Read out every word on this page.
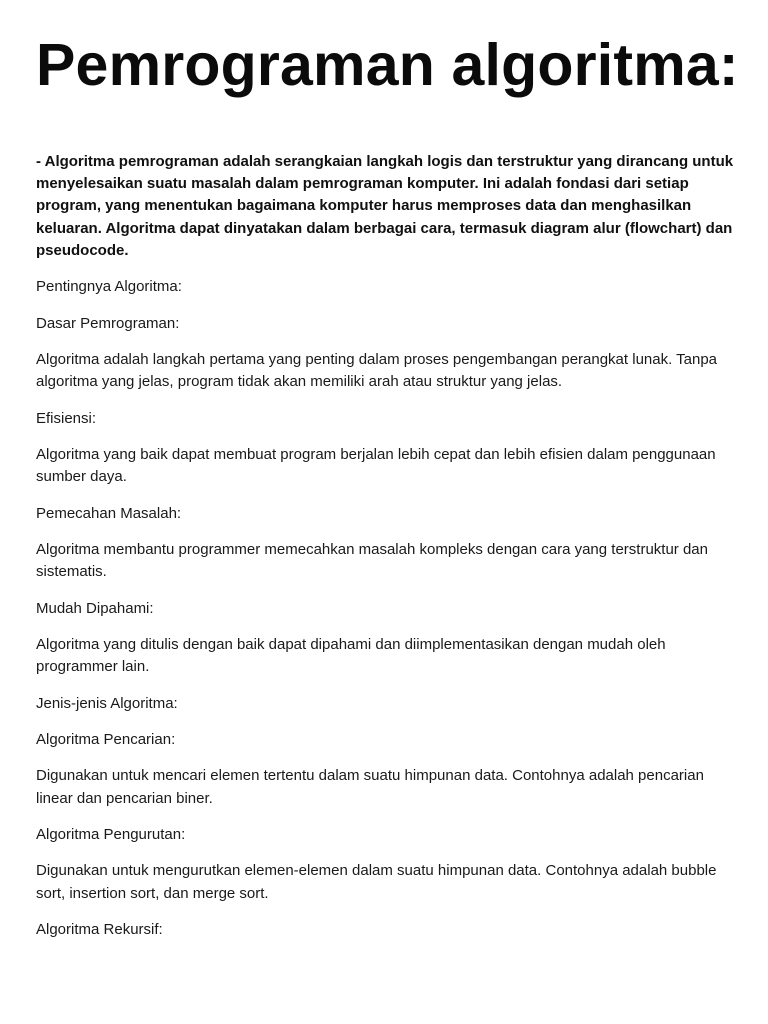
Pemrograman algoritma:

- Algoritma pemrograman adalah serangkaian langkah logis dan terstruktur yang dirancang untuk menyelesaikan suatu masalah dalam pemrograman komputer. Ini adalah fondasi dari setiap program, yang menentukan bagaimana komputer harus memproses data dan menghasilkan keluaran. Algoritma dapat dinyatakan dalam berbagai cara, termasuk diagram alur (flowchart) dan pseudocode.

Pentingnya Algoritma:

Dasar Pemrograman:

Algoritma adalah langkah pertama yang penting dalam proses pengembangan perangkat lunak. Tanpa algoritma yang jelas, program tidak akan memiliki arah atau struktur yang jelas.

Efisiensi:

Algoritma yang baik dapat membuat program berjalan lebih cepat dan lebih efisien dalam penggunaan sumber daya.

Pemecahan Masalah:

Algoritma membantu programmer memecahkan masalah kompleks dengan cara yang terstruktur dan sistematis.

Mudah Dipahami:

Algoritma yang ditulis dengan baik dapat dipahami dan diimplementasikan dengan mudah oleh programmer lain.

Jenis-jenis Algoritma:

Algoritma Pencarian:

Digunakan untuk mencari elemen tertentu dalam suatu himpunan data. Contohnya adalah pencarian linear dan pencarian biner.

Algoritma Pengurutan:

Digunakan untuk mengurutkan elemen-elemen dalam suatu himpunan data. Contohnya adalah bubble sort, insertion sort, dan merge sort.

Algoritma Rekursif:
